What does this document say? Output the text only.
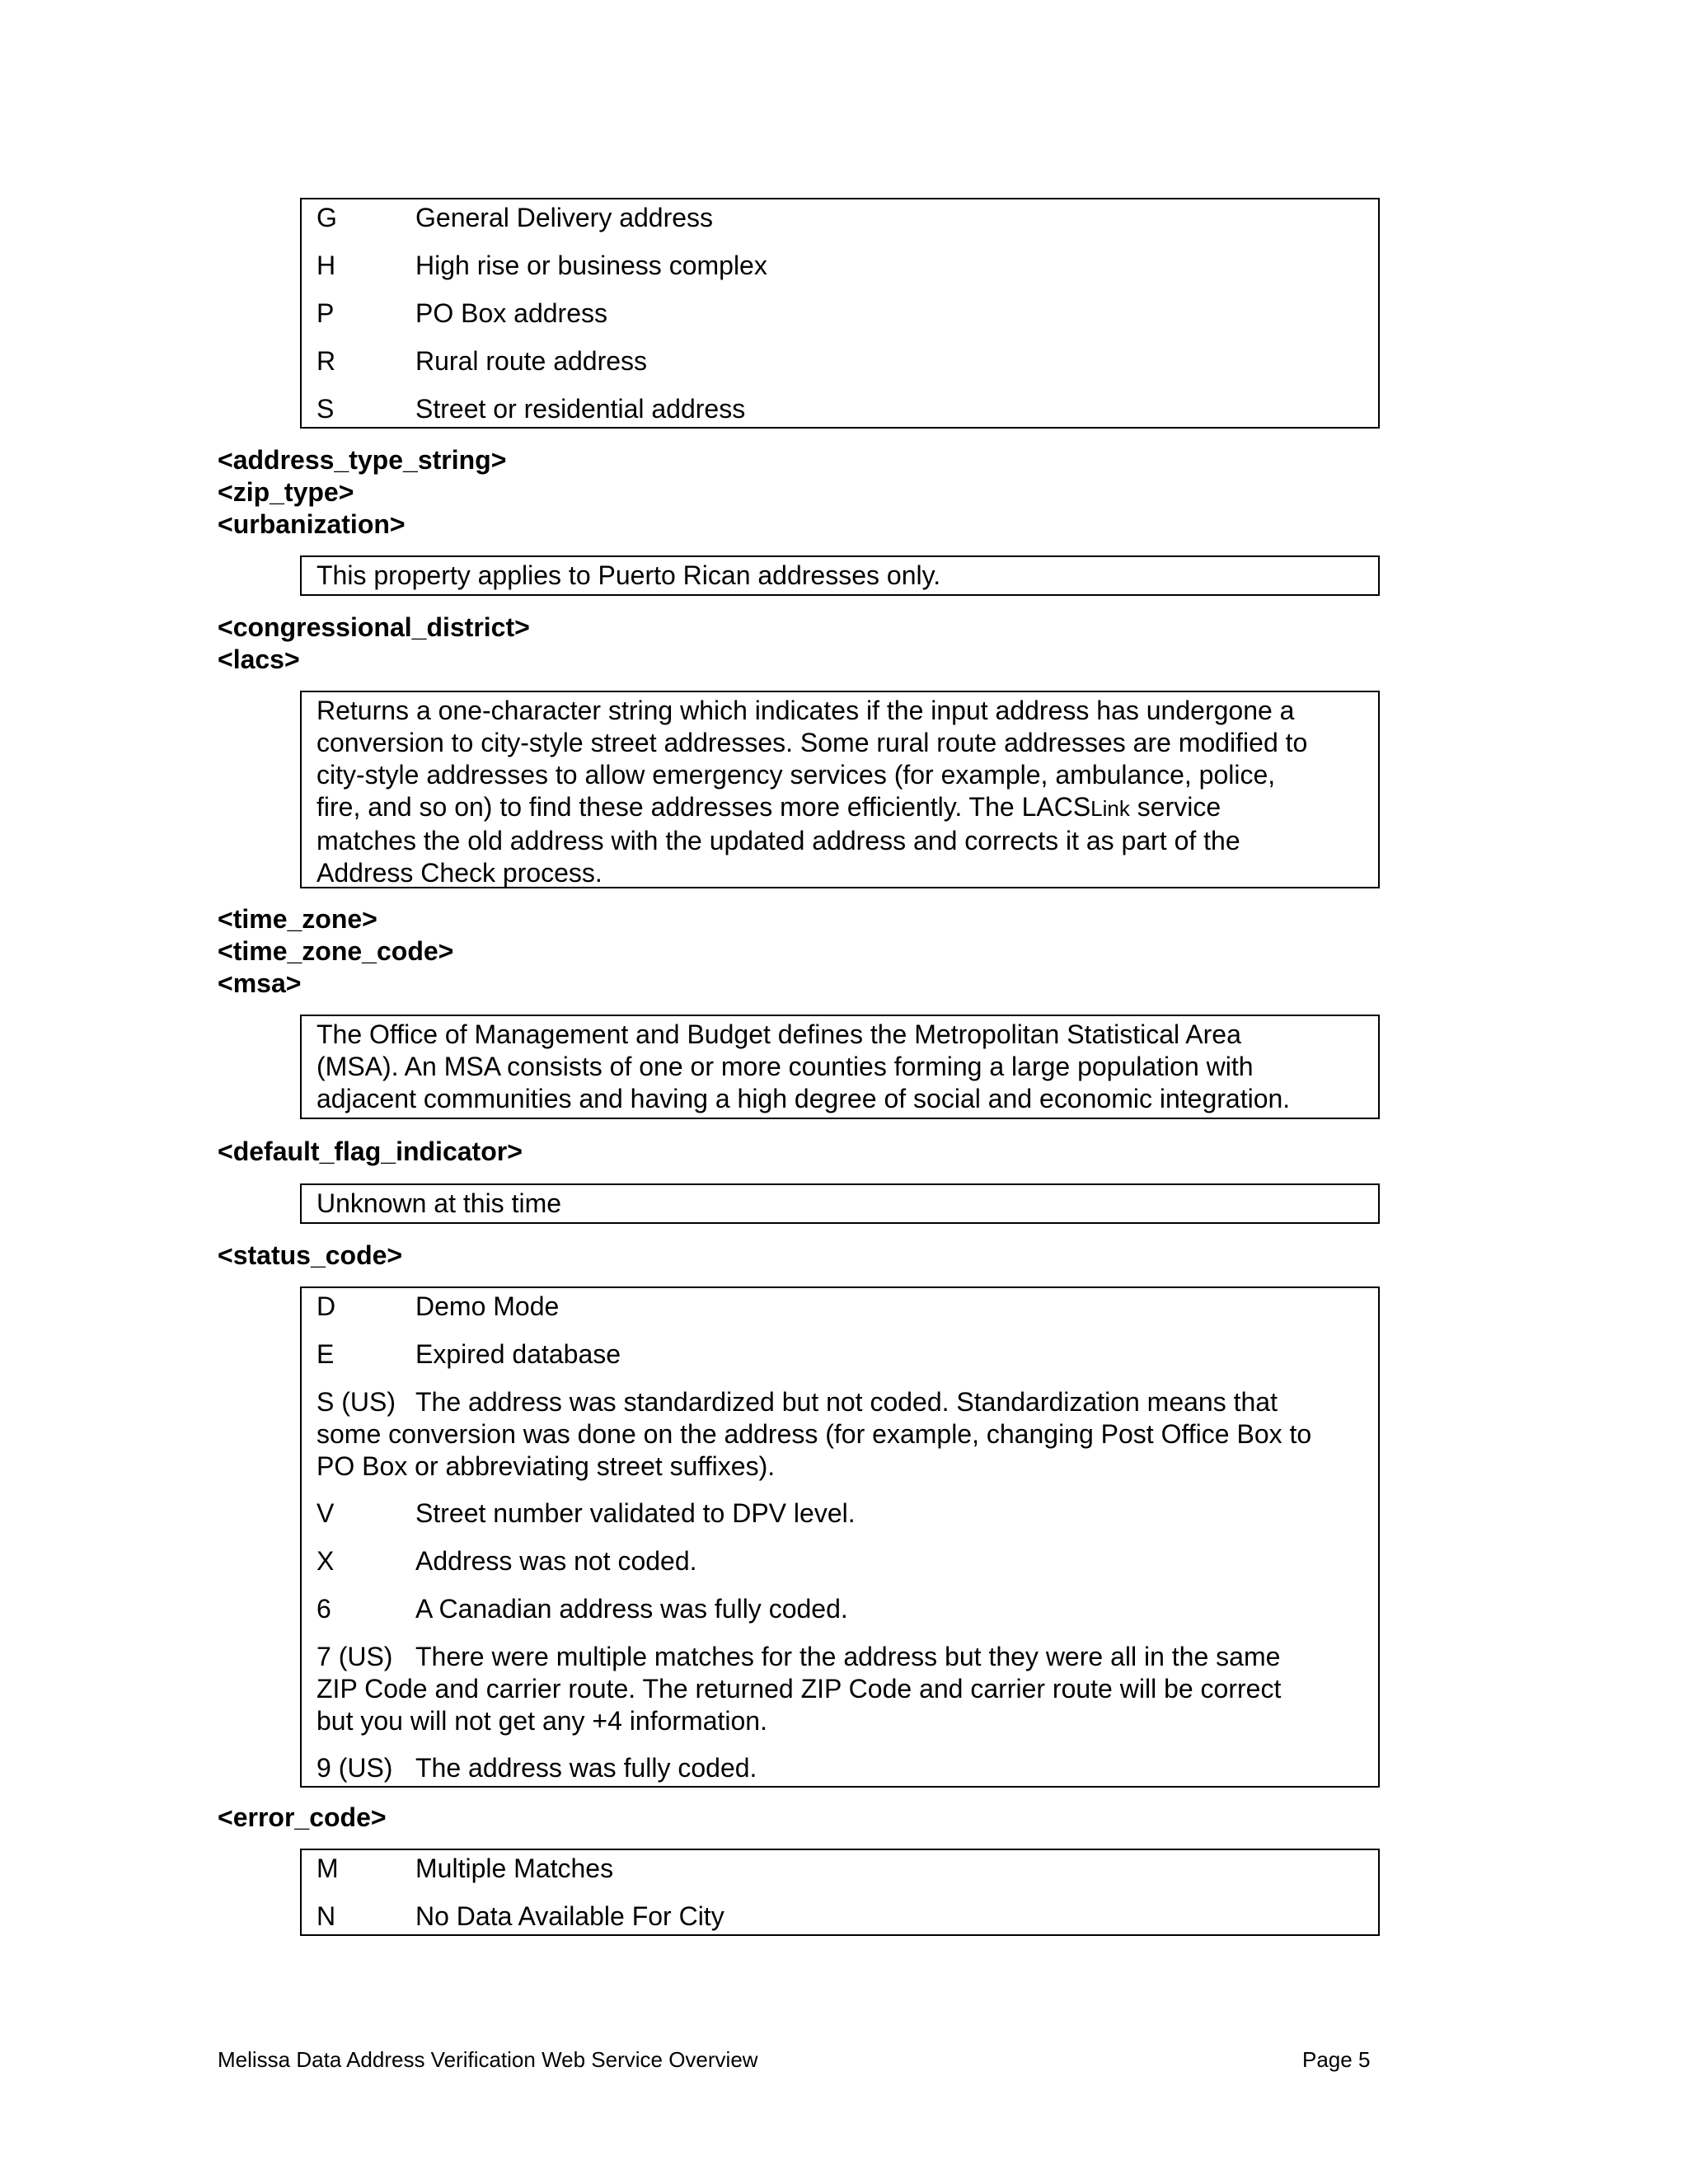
G	General Delivery address
H	High rise or business complex
P	PO Box address
R	Rural route address
S	Street or residential address
<address_type_string>
<zip_type>
<urbanization>
This property applies to Puerto Rican addresses only.
<congressional_district>
<lacs>
Returns a one-character string which indicates if the input address has undergone a
conversion to city-style street addresses. Some rural route addresses are modified to
city-style addresses to allow emergency services (for example, ambulance, police,
fire, and so on) to find these addresses more efficiently. The LACSLink service
matches the old address with the updated address and corrects it as part of the
Address Check process.
<time_zone>
<time_zone_code>
<msa>
The Office of Management and Budget defines the Metropolitan Statistical Area
(MSA). An MSA consists of one or more counties forming a large population with
adjacent communities and having a high degree of social and economic integration.
<default_flag_indicator>
Unknown at this time
<status_code>
D	Demo Mode
E	Expired database
S (US) The address was standardized but not coded. Standardization means that
some conversion was done on the address (for example, changing Post Office Box to
PO Box or abbreviating street suffixes).
V	Street number validated to DPV level.
X	Address was not coded.
6	A Canadian address was fully coded.
7 (US) There were multiple matches for the address but they were all in the same
ZIP Code and carrier route. The returned ZIP Code and carrier route will be correct
but you will not get any +4 information.
9 (US) The address was fully coded.
<error_code>
M	Multiple Matches
N	No Data Available For City
Melissa Data Address Verification Web Service Overview	Page 5
